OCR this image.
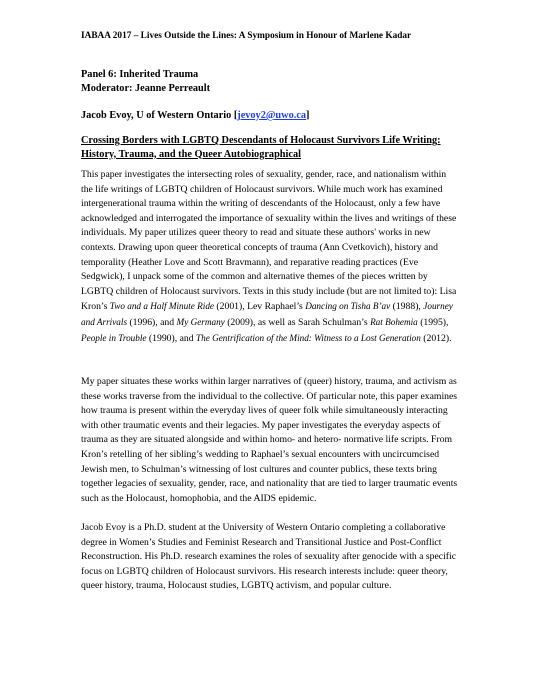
IABAA 2017 – Lives Outside the Lines: A Symposium in Honour of Marlene Kadar
Panel 6: Inherited Trauma
Moderator: Jeanne Perreault
Jacob Evoy, U of Western Ontario [jevoy2@uwo.ca]
Crossing Borders with LGBTQ Descendants of Holocaust Survivors Life Writing:
History, Trauma, and the Queer Autobiographical

This paper investigates the intersecting roles of sexuality, gender, race, and nationalism within the life writings of LGBTQ children of Holocaust survivors. While much work has examined intergenerational trauma within the writing of descendants of the Holocaust, only a few have acknowledged and interrogated the importance of sexuality within the lives and writings of these individuals. My paper utilizes queer theory to read and situate these authors' works in new contexts. Drawing upon queer theoretical concepts of trauma (Ann Cvetkovich), history and temporality (Heather Love and Scott Bravmann), and reparative reading practices (Eve Sedgwick), I unpack some of the common and alternative themes of the pieces written by LGBTQ children of Holocaust survivors. Texts in this study include (but are not limited to): Lisa Kron’s Two and a Half Minute Ride (2001), Lev Raphael’s Dancing on Tisha B’av (1988), Journey and Arrivals (1996), and My Germany (2009), as well as Sarah Schulman’s Rat Bohemia (1995), People in Trouble (1990), and The Gentrification of the Mind: Witness to a Lost Generation (2012).

My paper situates these works within larger narratives of (queer) history, trauma, and activism as these works traverse from the individual to the collective. Of particular note, this paper examines how trauma is present within the everyday lives of queer folk while simultaneously interacting with other traumatic events and their legacies. My paper investigates the everyday aspects of trauma as they are situated alongside and within homo- and hetero- normative life scripts. From Kron’s retelling of her sibling’s wedding to Raphael’s sexual encounters with uncircumcised Jewish men, to Schulman’s witnessing of lost cultures and counter publics, these texts bring together legacies of sexuality, gender, race, and nationality that are tied to larger traumatic events such as the Holocaust, homophobia, and the AIDS epidemic.

Jacob Evoy is a Ph.D. student at the University of Western Ontario completing a collaborative degree in Women’s Studies and Feminist Research and Transitional Justice and Post-Conflict Reconstruction. His Ph.D. research examines the roles of sexuality after genocide with a specific focus on LGBTQ children of Holocaust survivors. His research interests include: queer theory, queer history, trauma, Holocaust studies, LGBTQ activism, and popular culture.
